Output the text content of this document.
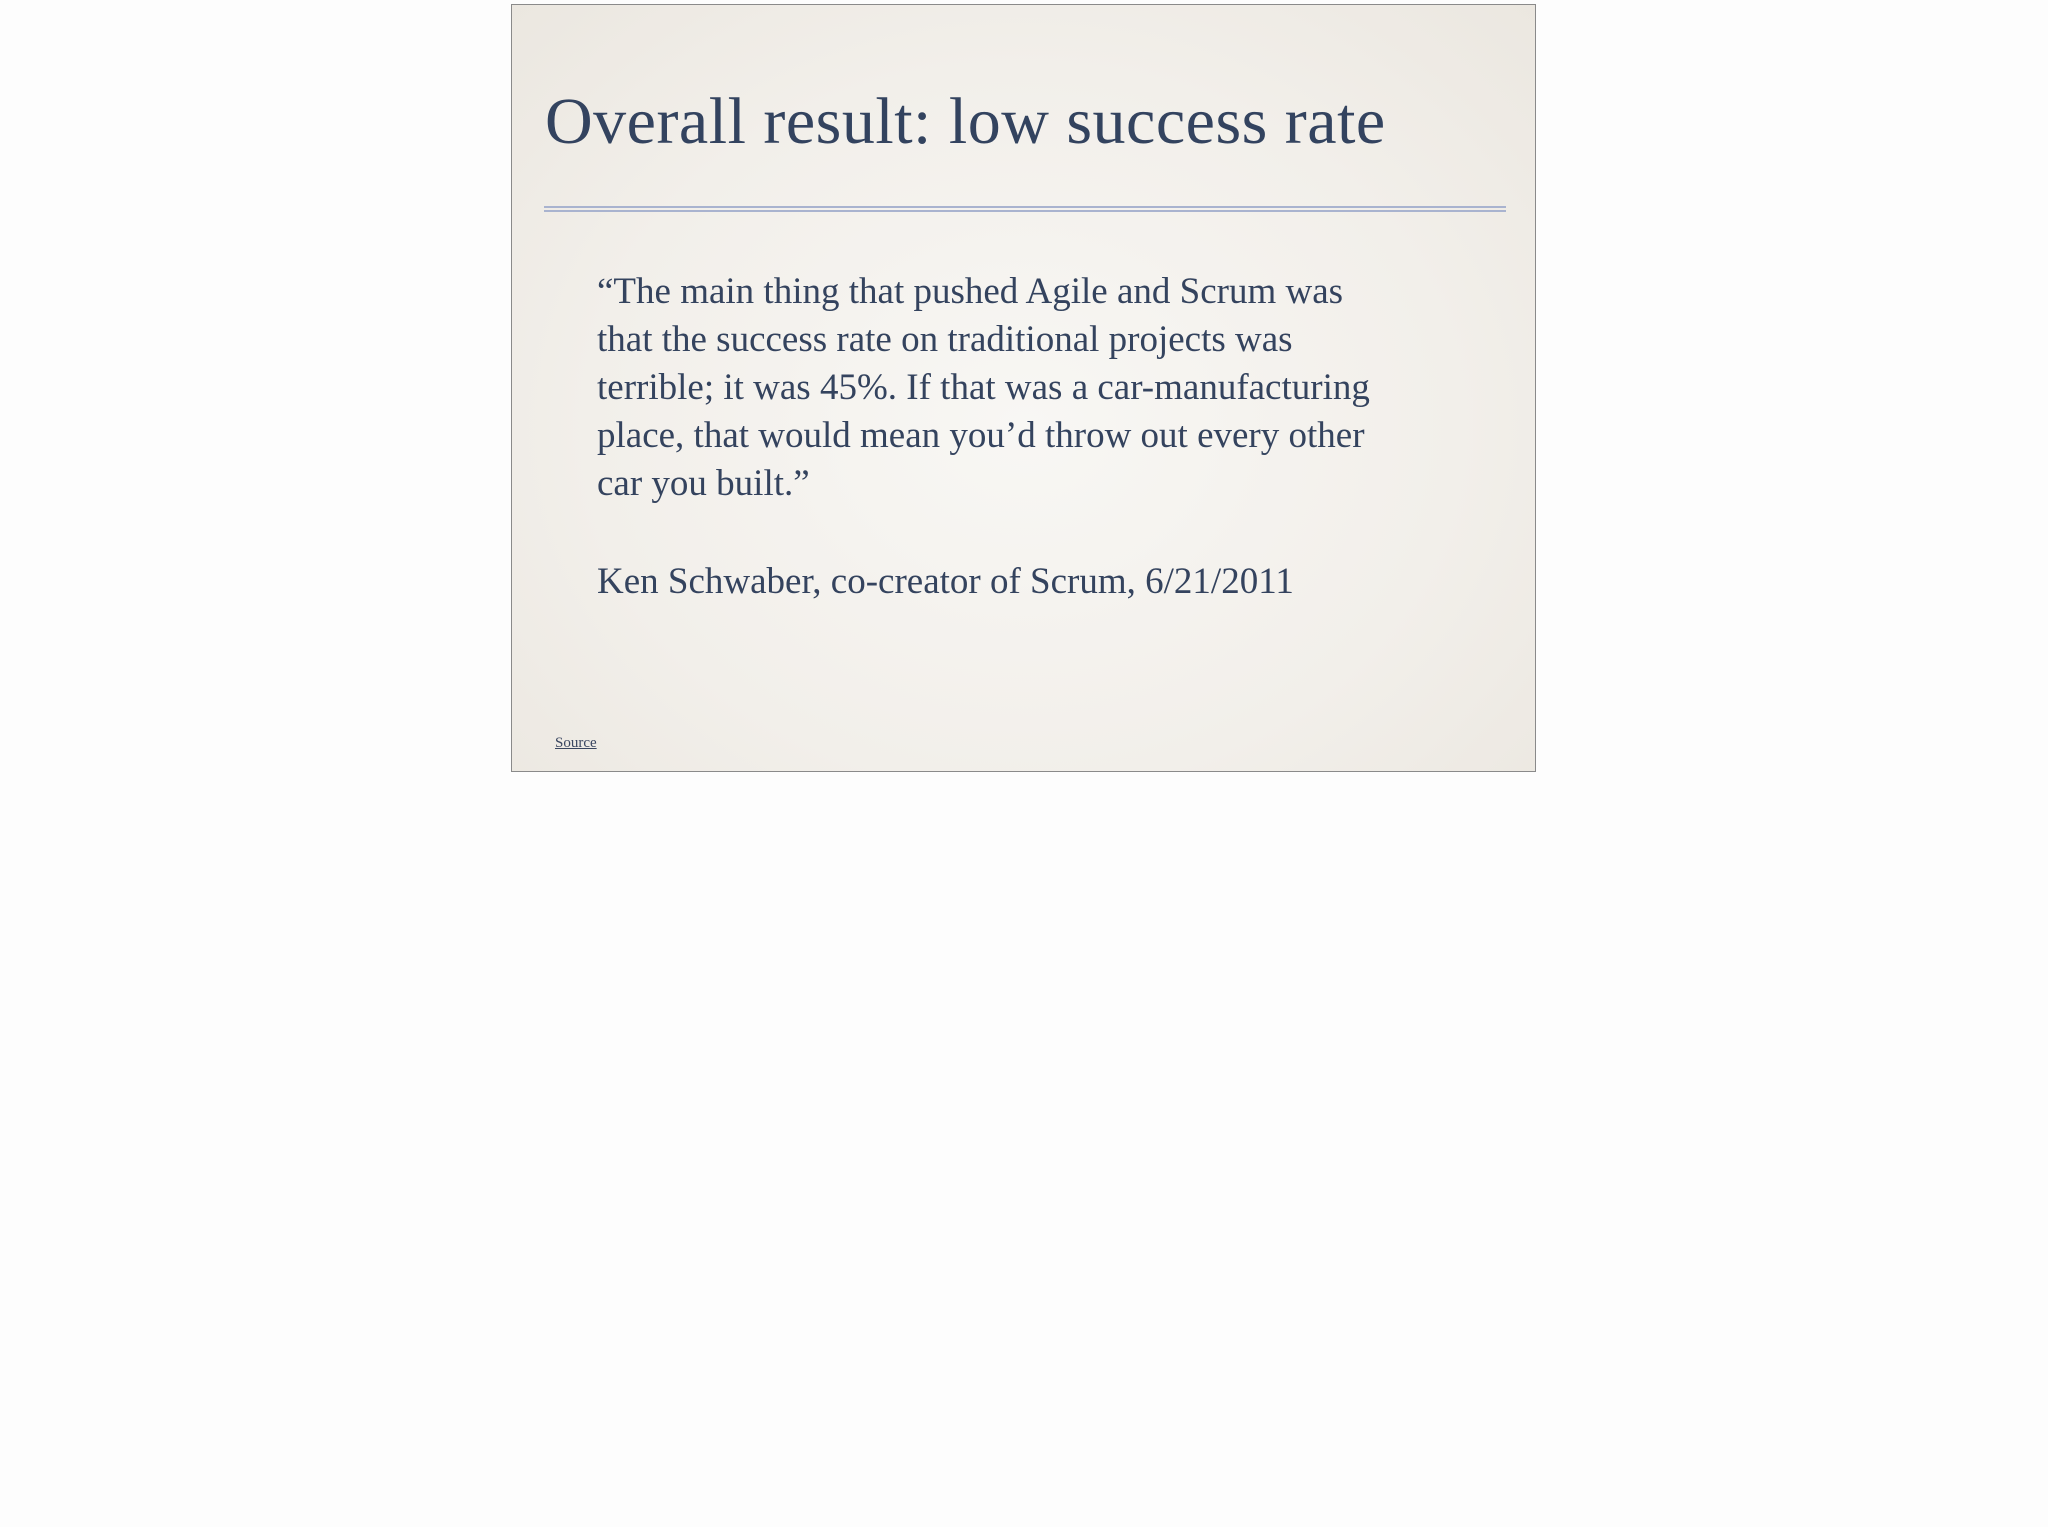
Overall result: low success rate

“The main thing that pushed Agile and Scrum was
that the success rate on traditional projects was
terrible; it was 45%. If that was a car-manufacturing
place, that would mean you’d throw out every other
car you built.”

Ken Schwaber, co-creator of Scrum, 6/21/2011

Source
